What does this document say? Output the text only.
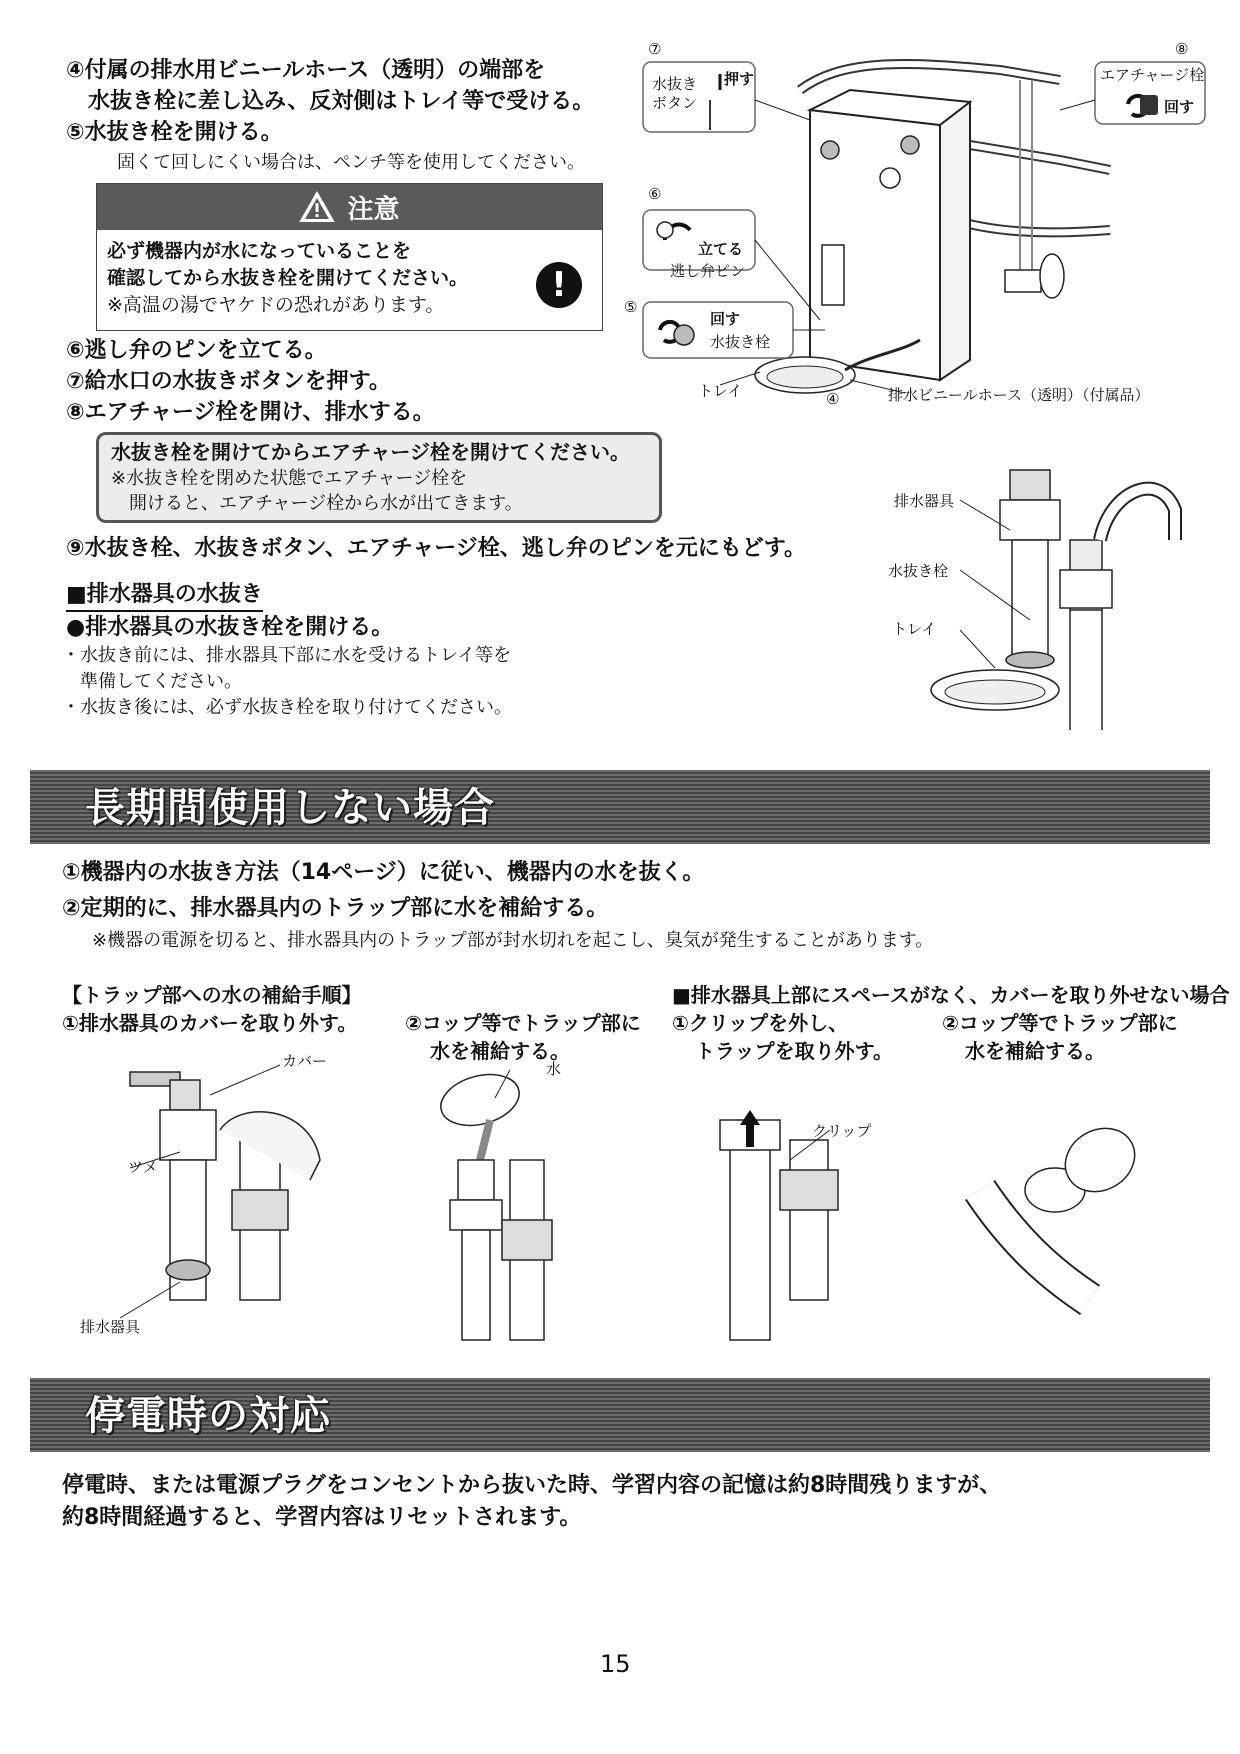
④付属の排水用ビニールホース（透明）の端部を
　水抜き栓に差し込み、反対側はトレイ等で受ける。
⑤水抜き栓を開ける。
固くて回しにくい場合は、ペンチ等を使用してください。
注意
必ず機器内が水になっていることを
確認してから水抜き栓を開けてください。
※高温の湯でヤケドの恐れがあります。	!
⑥逃し弁のピンを立てる。
⑦給水口の水抜きボタンを押す。
⑧エアチャージ栓を開け、排水する。
水抜き栓を開けてからエアチャージ栓を開けてください。
※水抜き栓を閉めた状態でエアチャージ栓を
　開けると、エアチャージ栓から水が出てきます。
⑨水抜き栓、水抜きボタン、エアチャージ栓、逃し弁のピンを元にもどす。
■排水器具の水抜き
●排水器具の水抜き栓を開ける。
・水抜き前には、排水器具下部に水を受けるトレイ等を
　準備してください。
・水抜き後には、必ず水抜き栓を取り付けてください。
⑦	⑧
⑥
⑤
④
水抜き
ボタン
押す	エアチャージ栓
回す
立てる
逃し弁ピン
回す
水抜き栓
トレイ	排水ビニールホース（透明）（付属品）
排水器具
水抜き栓
トレイ
長期間使用しない場合
①機器内の水抜き方法（14ページ）に従い、機器内の水を抜く。
②定期的に、排水器具内のトラップ部に水を補給する。
※機器の電源を切ると、排水器具内のトラップ部が封水切れを起こし、臭気が発生することがあります。
【トラップ部への水の補給手順】
①排水器具のカバーを取り外す。 ②コップ等でトラップ部に
水を補給する。
■排水器具上部にスペースがなく、カバーを取り外せない場合
①クリップを外し、
トラップを取り外す。
②コップ等でトラップ部に
水を補給する。
カバー
ツメ
排水器具
水
クリップ
停電時の対応
停電時、または電源プラグをコンセントから抜いた時、学習内容の記憶は約8時間残りますが、
約8時間経過すると、学習内容はリセットされます。
15
